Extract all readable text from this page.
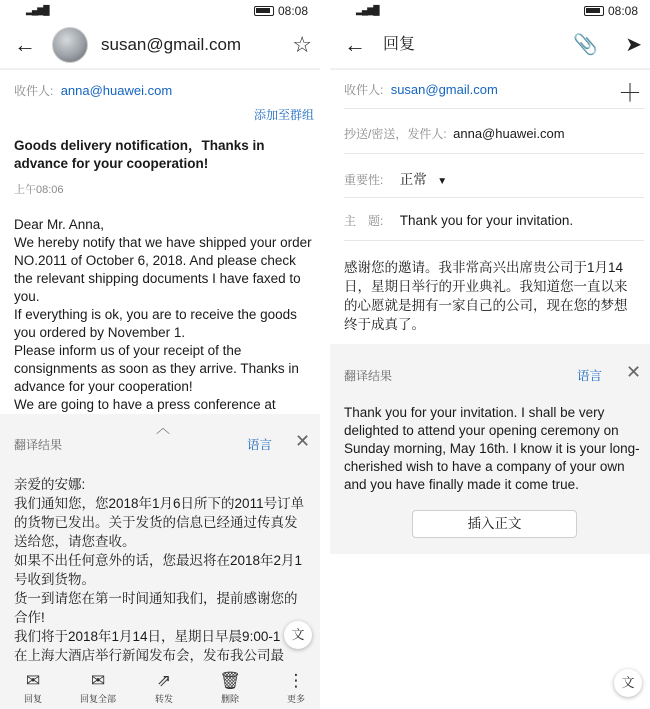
▂▄▆█	08:08
←	susan@gmail.com ☆
收件人: anna@huawei.com
添加至群组
Goods delivery notification，Thanks in advance for your cooperation!
上午08:06
Dear Mr. Anna,
We hereby notify that we have shipped your order
NO.2011 of October 6, 2018. And please check
the relevant shipping documents I have faxed to
you.
If everything is ok, you are to receive the goods
you ordered by November 1.
Please inform us of your receipt of the
consignments as soon as they arrive. Thanks in
advance for your cooperation!
We are going to have a press conference at
︿
翻译结果	语言 ✕
亲爱的安娜:
我们通知您，您2018年1月6日所下的2011号订单
的货物已发出。关于发货的信息已经通过传真发
送给您，请您查收。
如果不出任何意外的话，您最迟将在2018年2月1
号收到货物。
货一到请您在第一时间通知我们，提前感谢您的
合作!
我们将于2018年1月14日，星期日早晨9:00-1
在上海大酒店举行新闻发布会，发布我公司最
文
✉
回复
✉
回复全部
⇗
转发
🗑
删除
⋮
更多
▂▄▆█	08:08
← 回复	📎 ➤
收件人: susan@gmail.com	＋
抄送/密送，发件人: anna@huawei.com
重要性: 正常 ▼
主　题: Thank you for your invitation.
感谢您的邀请。我非常高兴出席贵公司于1月14
日，星期日举行的开业典礼。我知道您一直以来
的心愿就是拥有一家自己的公司，现在您的梦想
终于成真了。
翻译结果	语言 ✕
Thank you for your invitation. I shall be very
delighted to attend your opening ceremony on
Sunday morning, May 16th. I know it is your long-
cherished wish to have a company of your own
and you have finally made it come true.
插入正文
文
